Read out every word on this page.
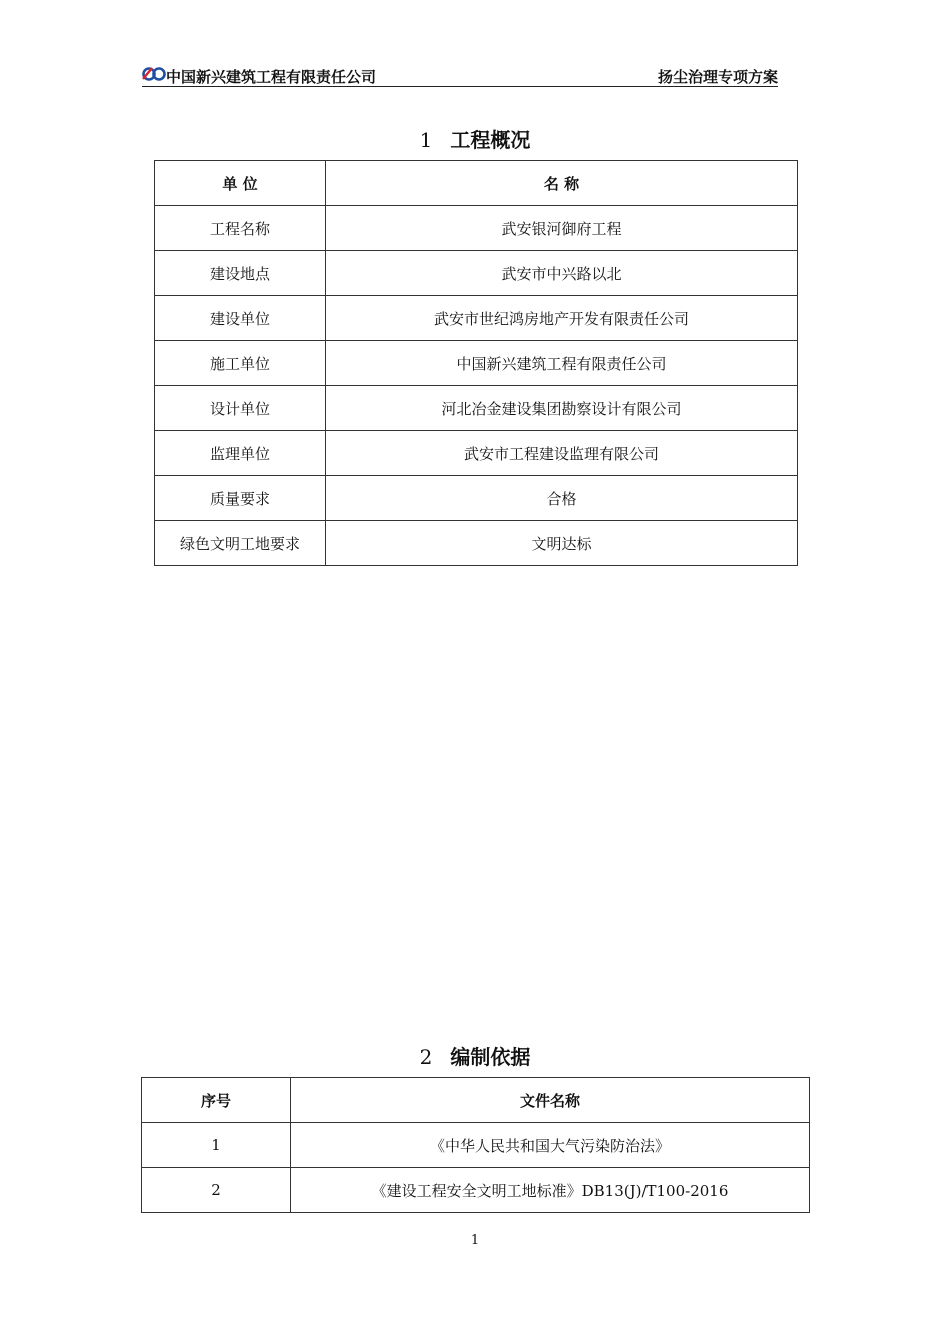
中国新兴建筑工程有限责任公司	扬尘治理专项方案
1 工程概况
单 位	名 称
工程名称	武安银河御府工程
建设地点	武安市中兴路以北
建设单位	武安市世纪鸿房地产开发有限责任公司
施工单位	中国新兴建筑工程有限责任公司
设计单位	河北冶金建设集团勘察设计有限公司
监理单位	武安市工程建设监理有限公司
质量要求	合格
绿色文明工地要求	文明达标
2 编制依据
序号	文件名称
1	《中华人民共和国大气污染防治法》
2	《建设工程安全文明工地标准》DB13(J)/T100-2016
1
